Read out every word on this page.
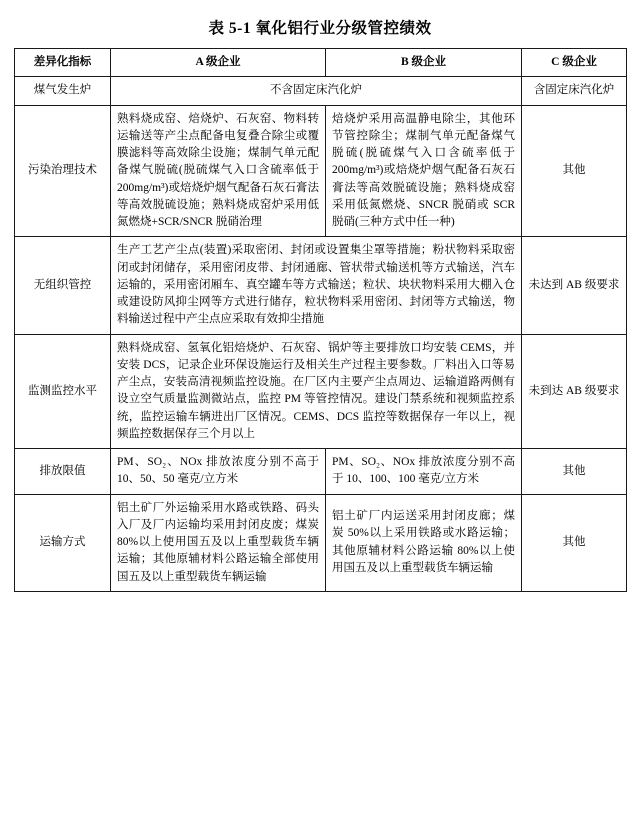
表 5-1 氧化铝行业分级管控绩效
差异化指标	A 级企业	B 级企业	C 级企业
煤气发生炉	不含固定床汽化炉		含固定床汽化炉
污染治理技术	熟料烧成窑、焙烧炉、石灰窑、物料转运输送等产尘点配备电复叠合除尘或覆膜滤料等高效除尘设施；煤制气单元配备煤气脱硫(脱硫煤气入口含硫率低于 200mg/m³)或焙烧炉烟气配备石灰石膏法等高效脱硫设施；熟料烧成窑炉采用低氮燃烧+SCR/SNCR 脱硝治理	焙烧炉采用高温静电除尘，其他环节管控除尘；煤制气单元配备煤气脱硫(脱硫煤气入口含硫率低于 200mg/m³)或焙烧炉烟气配备石灰石膏法等高效脱硫设施；熟料烧成窑采用低氮燃烧、SNCR 脱硝或 SCR 脱硝(三种方式中任一种)	其他
无组织管控	生产工艺产尘点(装置)采取密闭、封闭或设置集尘罩等措施；粉状物料采取密闭或封闭储存，采用密闭皮带、封闭通廊、管状带式输送机等方式输送，汽车运输的，采用密闭厢车、真空罐车等方式输送；粒状、块状物料采用大棚入仓或建设防风抑尘网等方式进行储存，粒状物料采用密闭、封闭等方式输送，物料输送过程中产尘点应采取有效抑尘措施		未达到 AB 级要求
监测监控水平	熟料烧成窑、氢氧化铝焙烧炉、石灰窑、锅炉等主要排放口均安装 CEMS，并安装 DCS，记录企业环保设施运行及相关生产过程主要参数。厂料出入口等易产尘点，安装高清视频监控设施。在厂区内主要产尘点周边、运输道路两侧有设立空气质量监测微站点，监控 PM 等管控情况。建设门禁系统和视频监控系统，监控运输车辆进出厂区情况。CEMS、DCS 监控等数据保存一年以上，视频监控数据保存三个月以上		未到达 AB 级要求
排放限值	PM、SO₂、NOx 排放浓度分别不高于 10、50、50 毫克/立方米	PM、SO₂、NOx 排放浓度分别不高于 10、100、100 毫克/立方米	其他
运输方式	铝土矿厂外运输采用水路或铁路、码头入厂及厂内运输均采用封闭皮废；煤炭 80%以上使用国五及以上重型载货车辆运输；其他原辅材料公路运输全部使用国五及以上重型载货车辆运输	铝土矿厂内运送采用封闭皮廊；煤炭 50%以上采用铁路或水路运输；其他原辅材料公路运输 80%以上使用国五及以上重型载货车辆运输	其他
